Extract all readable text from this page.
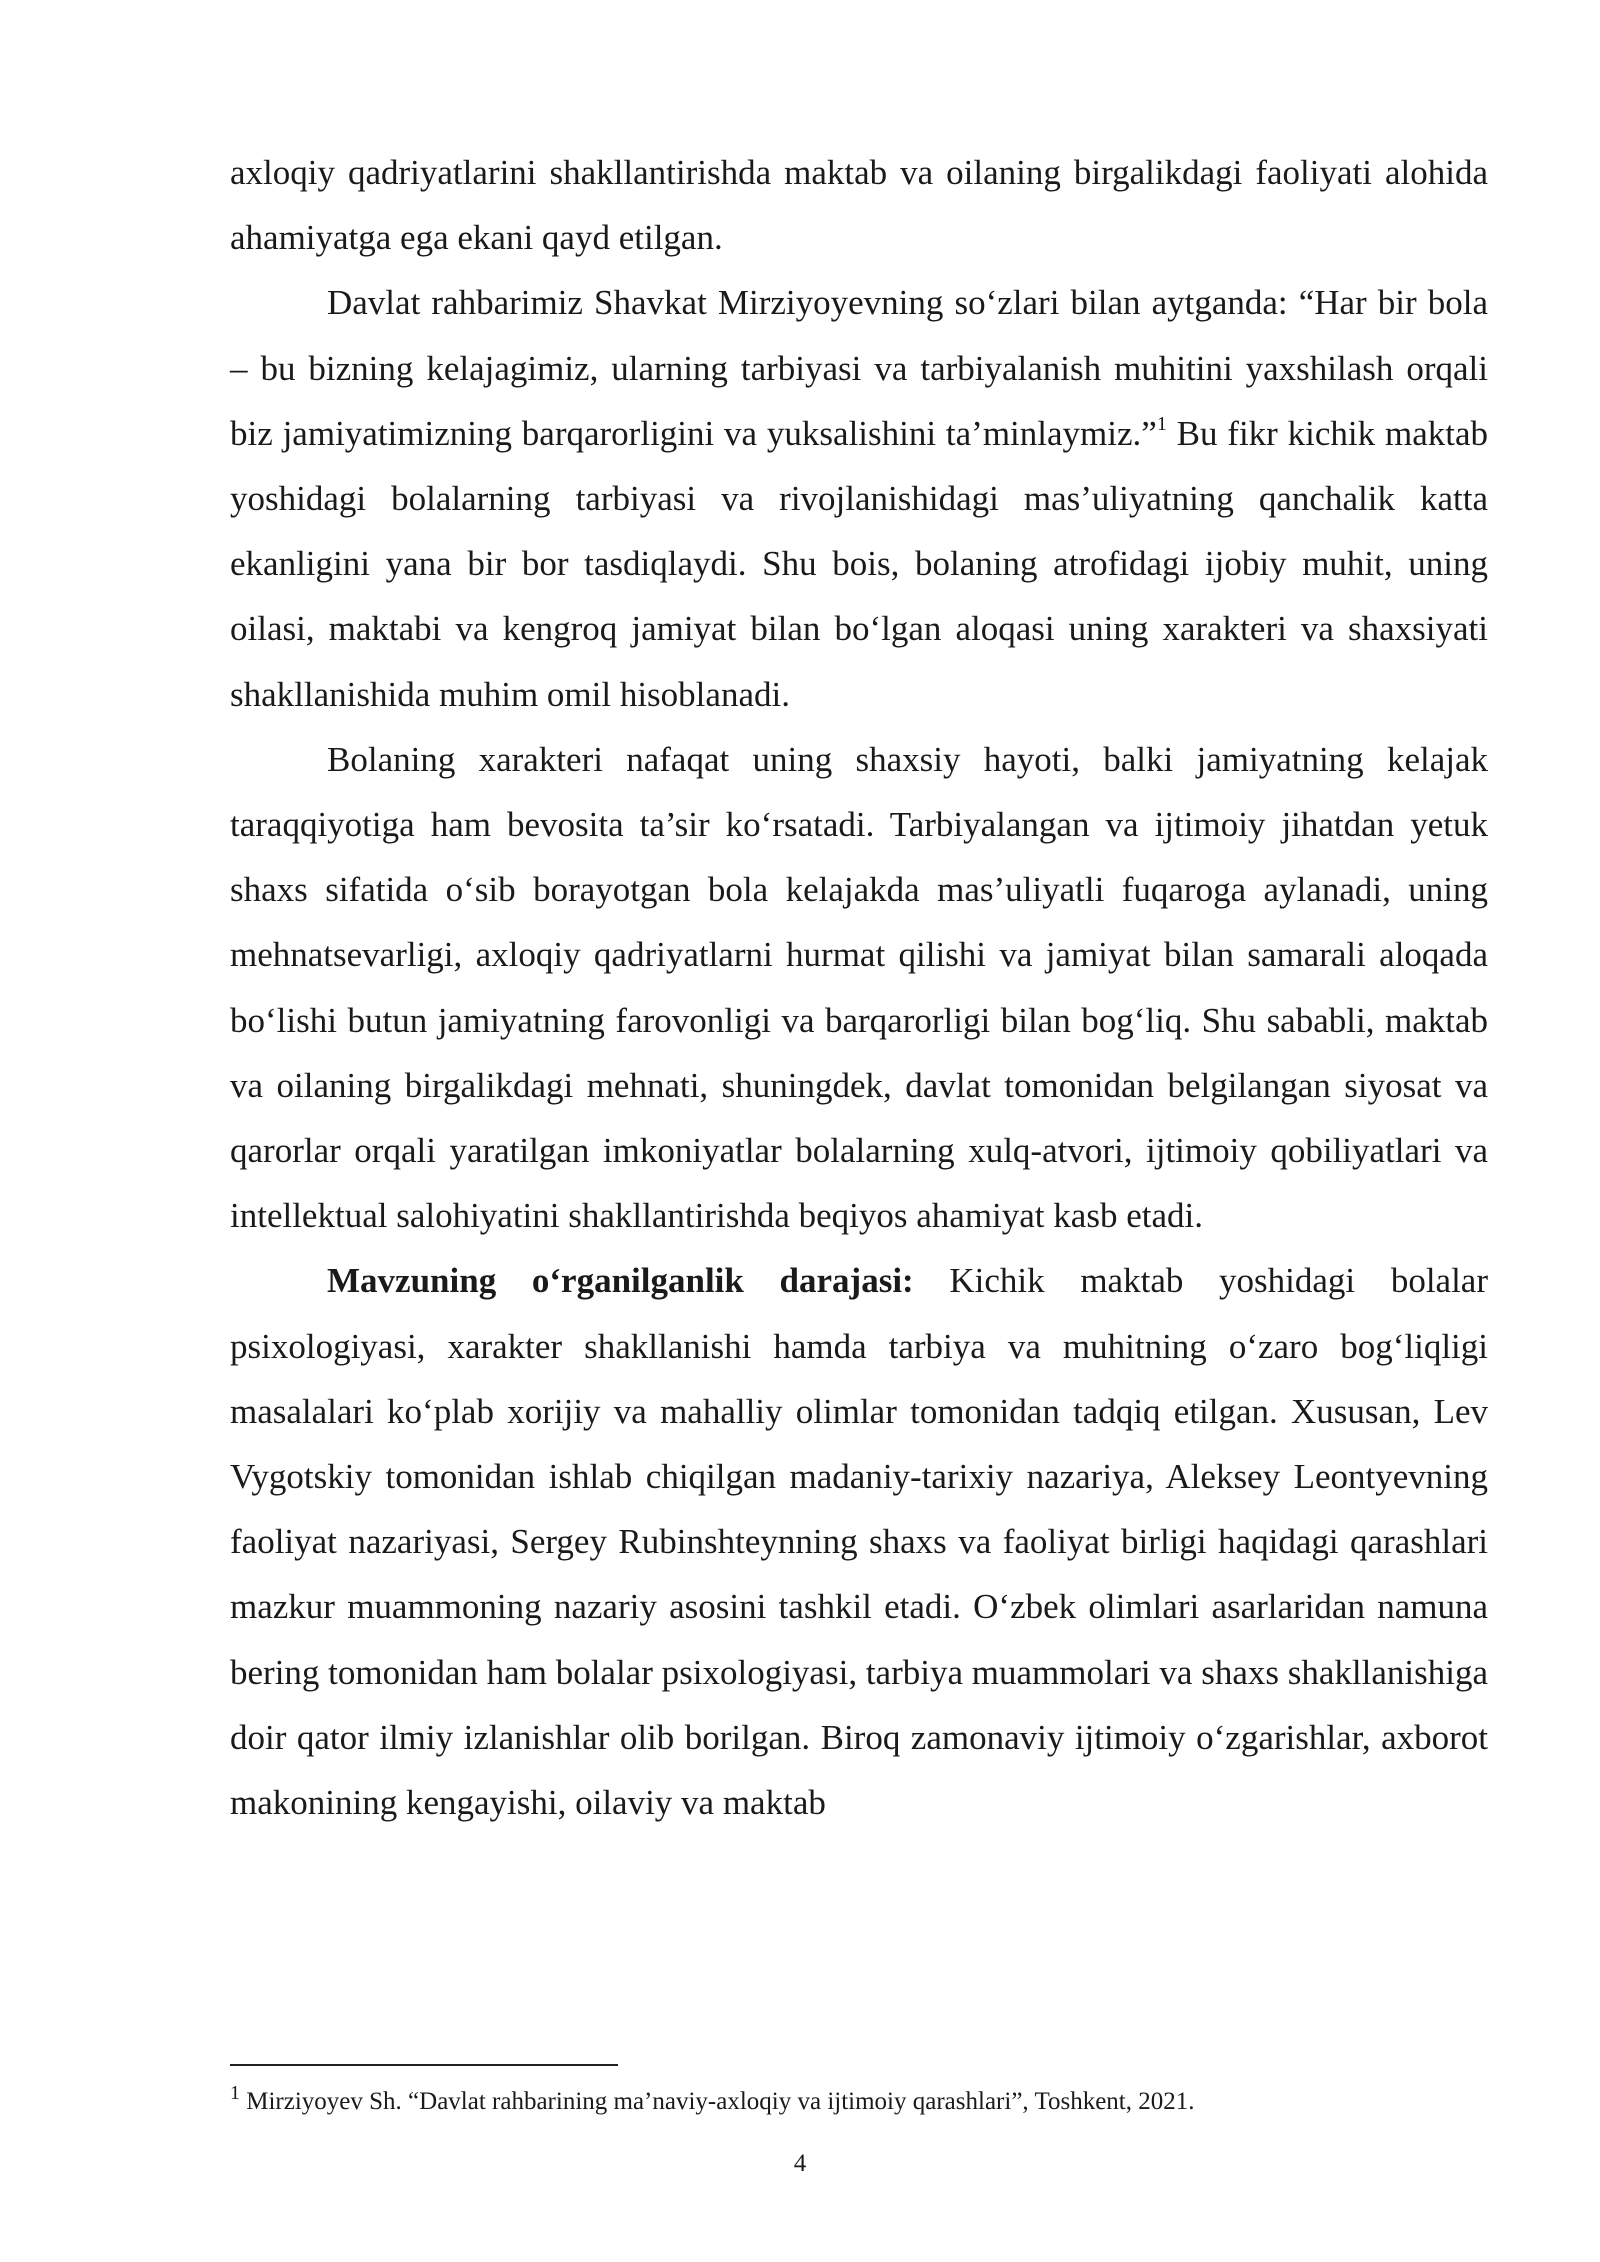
axloqiy qadriyatlarini shakllantirishda maktab va oilaning birgalikdagi faoliyati alohida ahamiyatga ega ekani qayd etilgan.

Davlat rahbarimiz Shavkat Mirziyoyevning so‘zlari bilan aytganda: “Har bir bola – bu bizning kelajagimiz, ularning tarbiyasi va tarbiyalanish muhitini yaxshilash orqali biz jamiyatimizning barqarorligini va yuksalishini ta’minlaymiz.”$^1$ Bu fikr kichik maktab yoshidagi bolalarning tarbiyasi va rivojlanishidagi mas’uliyatning qanchalik katta ekanligini yana bir bor tasdiqlaydi. Shu bois, bolaning atrofidagi ijobiy muhit, uning oilasi, maktabi va kengroq jamiyat bilan bo‘lgan aloqasi uning xarakteri va shaxsiyati shakllanishida muhim omil hisoblanadi.

Bolaning xarakteri nafaqat uning shaxsiy hayoti, balki jamiyatning kelajak taraqqiyotiga ham bevosita ta’sir ko‘rsatadi. Tarbiyalangan va ijtimoiy jihatdan yetuk shaxs sifatida o‘sib borayotgan bola kelajakda mas’uliyatli fuqaroga aylanadi, uning mehnatsevarligi, axloqiy qadriyatlarni hurmat qilishi va jamiyat bilan samarali aloqada bo‘lishi butun jamiyatning farovonligi va barqarorligi bilan bog‘liq. Shu sababli, maktab va oilaning birgalikdagi mehnati, shuningdek, davlat tomonidan belgilangan siyosat va qarorlar orqali yaratilgan imkoniyatlar bolalarning xulq-atvori, ijtimoiy qobiliyatlari va intellektual salohiyatini shakllantirishda beqiyos ahamiyat kasb etadi.

Mavzuning o‘rganilganlik darajasi: Kichik maktab yoshidagi bolalar psixologiyasi, xarakter shakllanishi hamda tarbiya va muhitning o‘zaro bog‘liqligi masalalari ko‘plab xorijiy va mahalliy olimlar tomonidan tadqiq etilgan. Xususan, Lev Vygotskiy tomonidan ishlab chiqilgan madaniy-tarixiy nazariya, Aleksey Leontyevning faoliyat nazariyasi, Sergey Rubinshteynning shaxs va faoliyat birligi haqidagi qarashlari mazkur muammoning nazariy asosini tashkil etadi. O‘zbek olimlari asarlaridan namuna bering tomonidan ham bolalar psixologiyasi, tarbiya muammolari va shaxs shakllanishiga doir qator ilmiy izlanishlar olib borilgan. Biroq zamonaviy ijtimoiy o‘zgarishlar, axborot makonining kengayishi, oilaviy va maktab

$^1$ Mirziyoyev Sh. “Davlat rahbarining ma’naviy-axloqiy va ijtimoiy qarashlari”, Toshkent, 2021.
4
